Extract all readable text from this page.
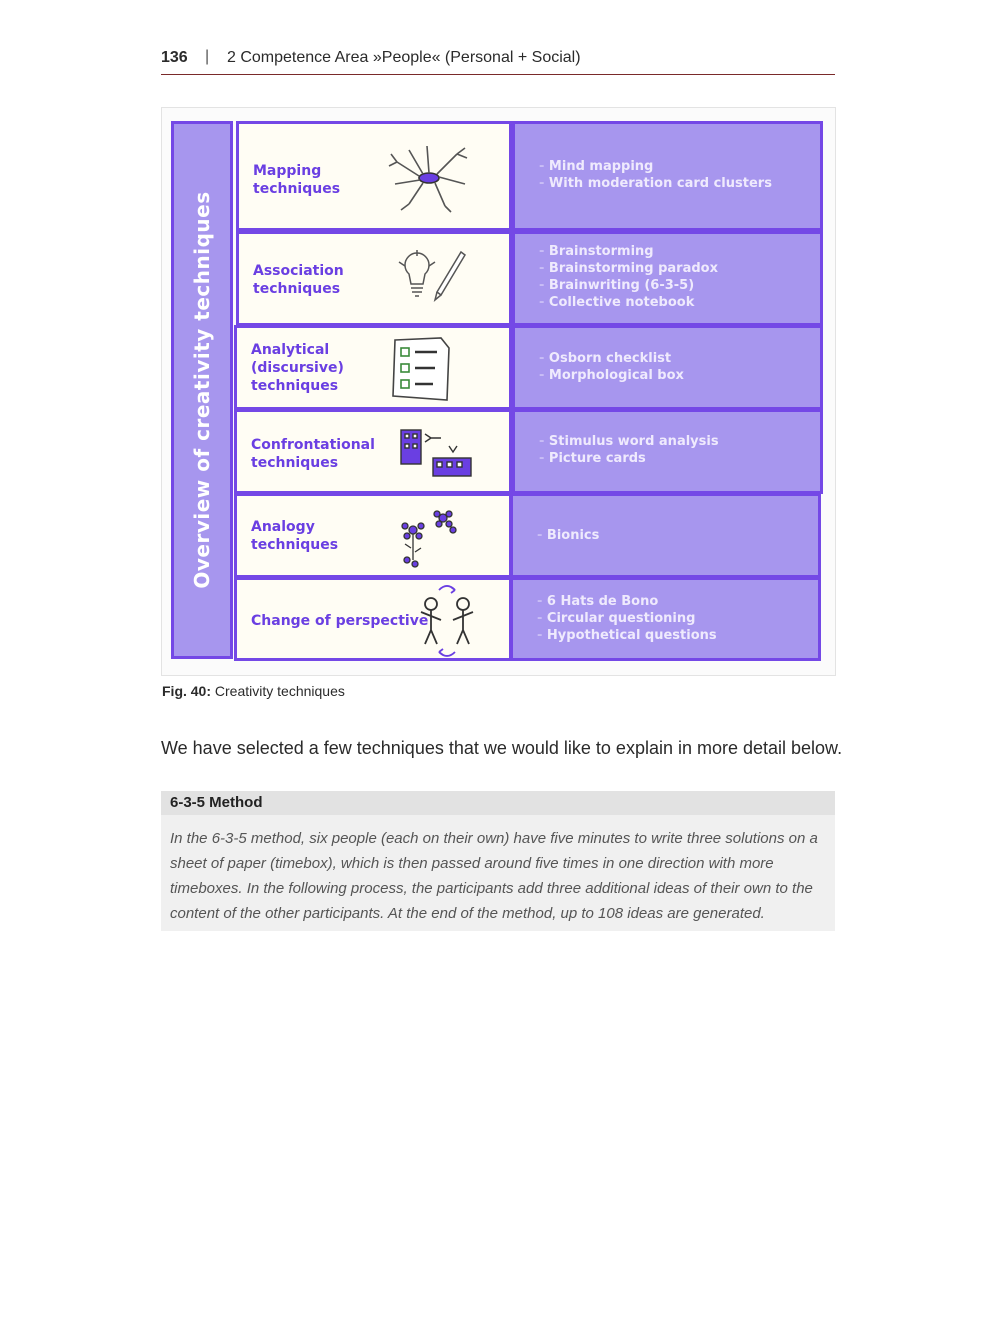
136 | 2 Competence Area »People« (Personal + Social)
Overview of creativity techniques
Mapping
techniques
- Mind mapping
- With moderation card clusters
Association
techniques
- Brainstorming
- Brainstorming paradox
- Brainwriting (6-3-5)
- Collective notebook
Analytical
(discursive)
techniques
- Osborn checklist
- Morphological box
Confrontational
techniques
- Stimulus word analysis
- Picture cards
Analogy
techniques
- Bionics
Change of perspective
- 6 Hats de Bono
- Circular questioning
- Hypothetical questions
Fig. 40: Creativity techniques
We have selected a few techniques that we would like to explain in more detail below.
6-3-5 Method
In the 6-3-5 method, six people (each on their own) have five minutes to write three solutions on a sheet of paper (timebox), which is then passed around five times in one direction with more timeboxes. In the following process, the participants add three additional ideas of their own to the content of the other participants. At the end of the method, up to 108 ideas are generated.
